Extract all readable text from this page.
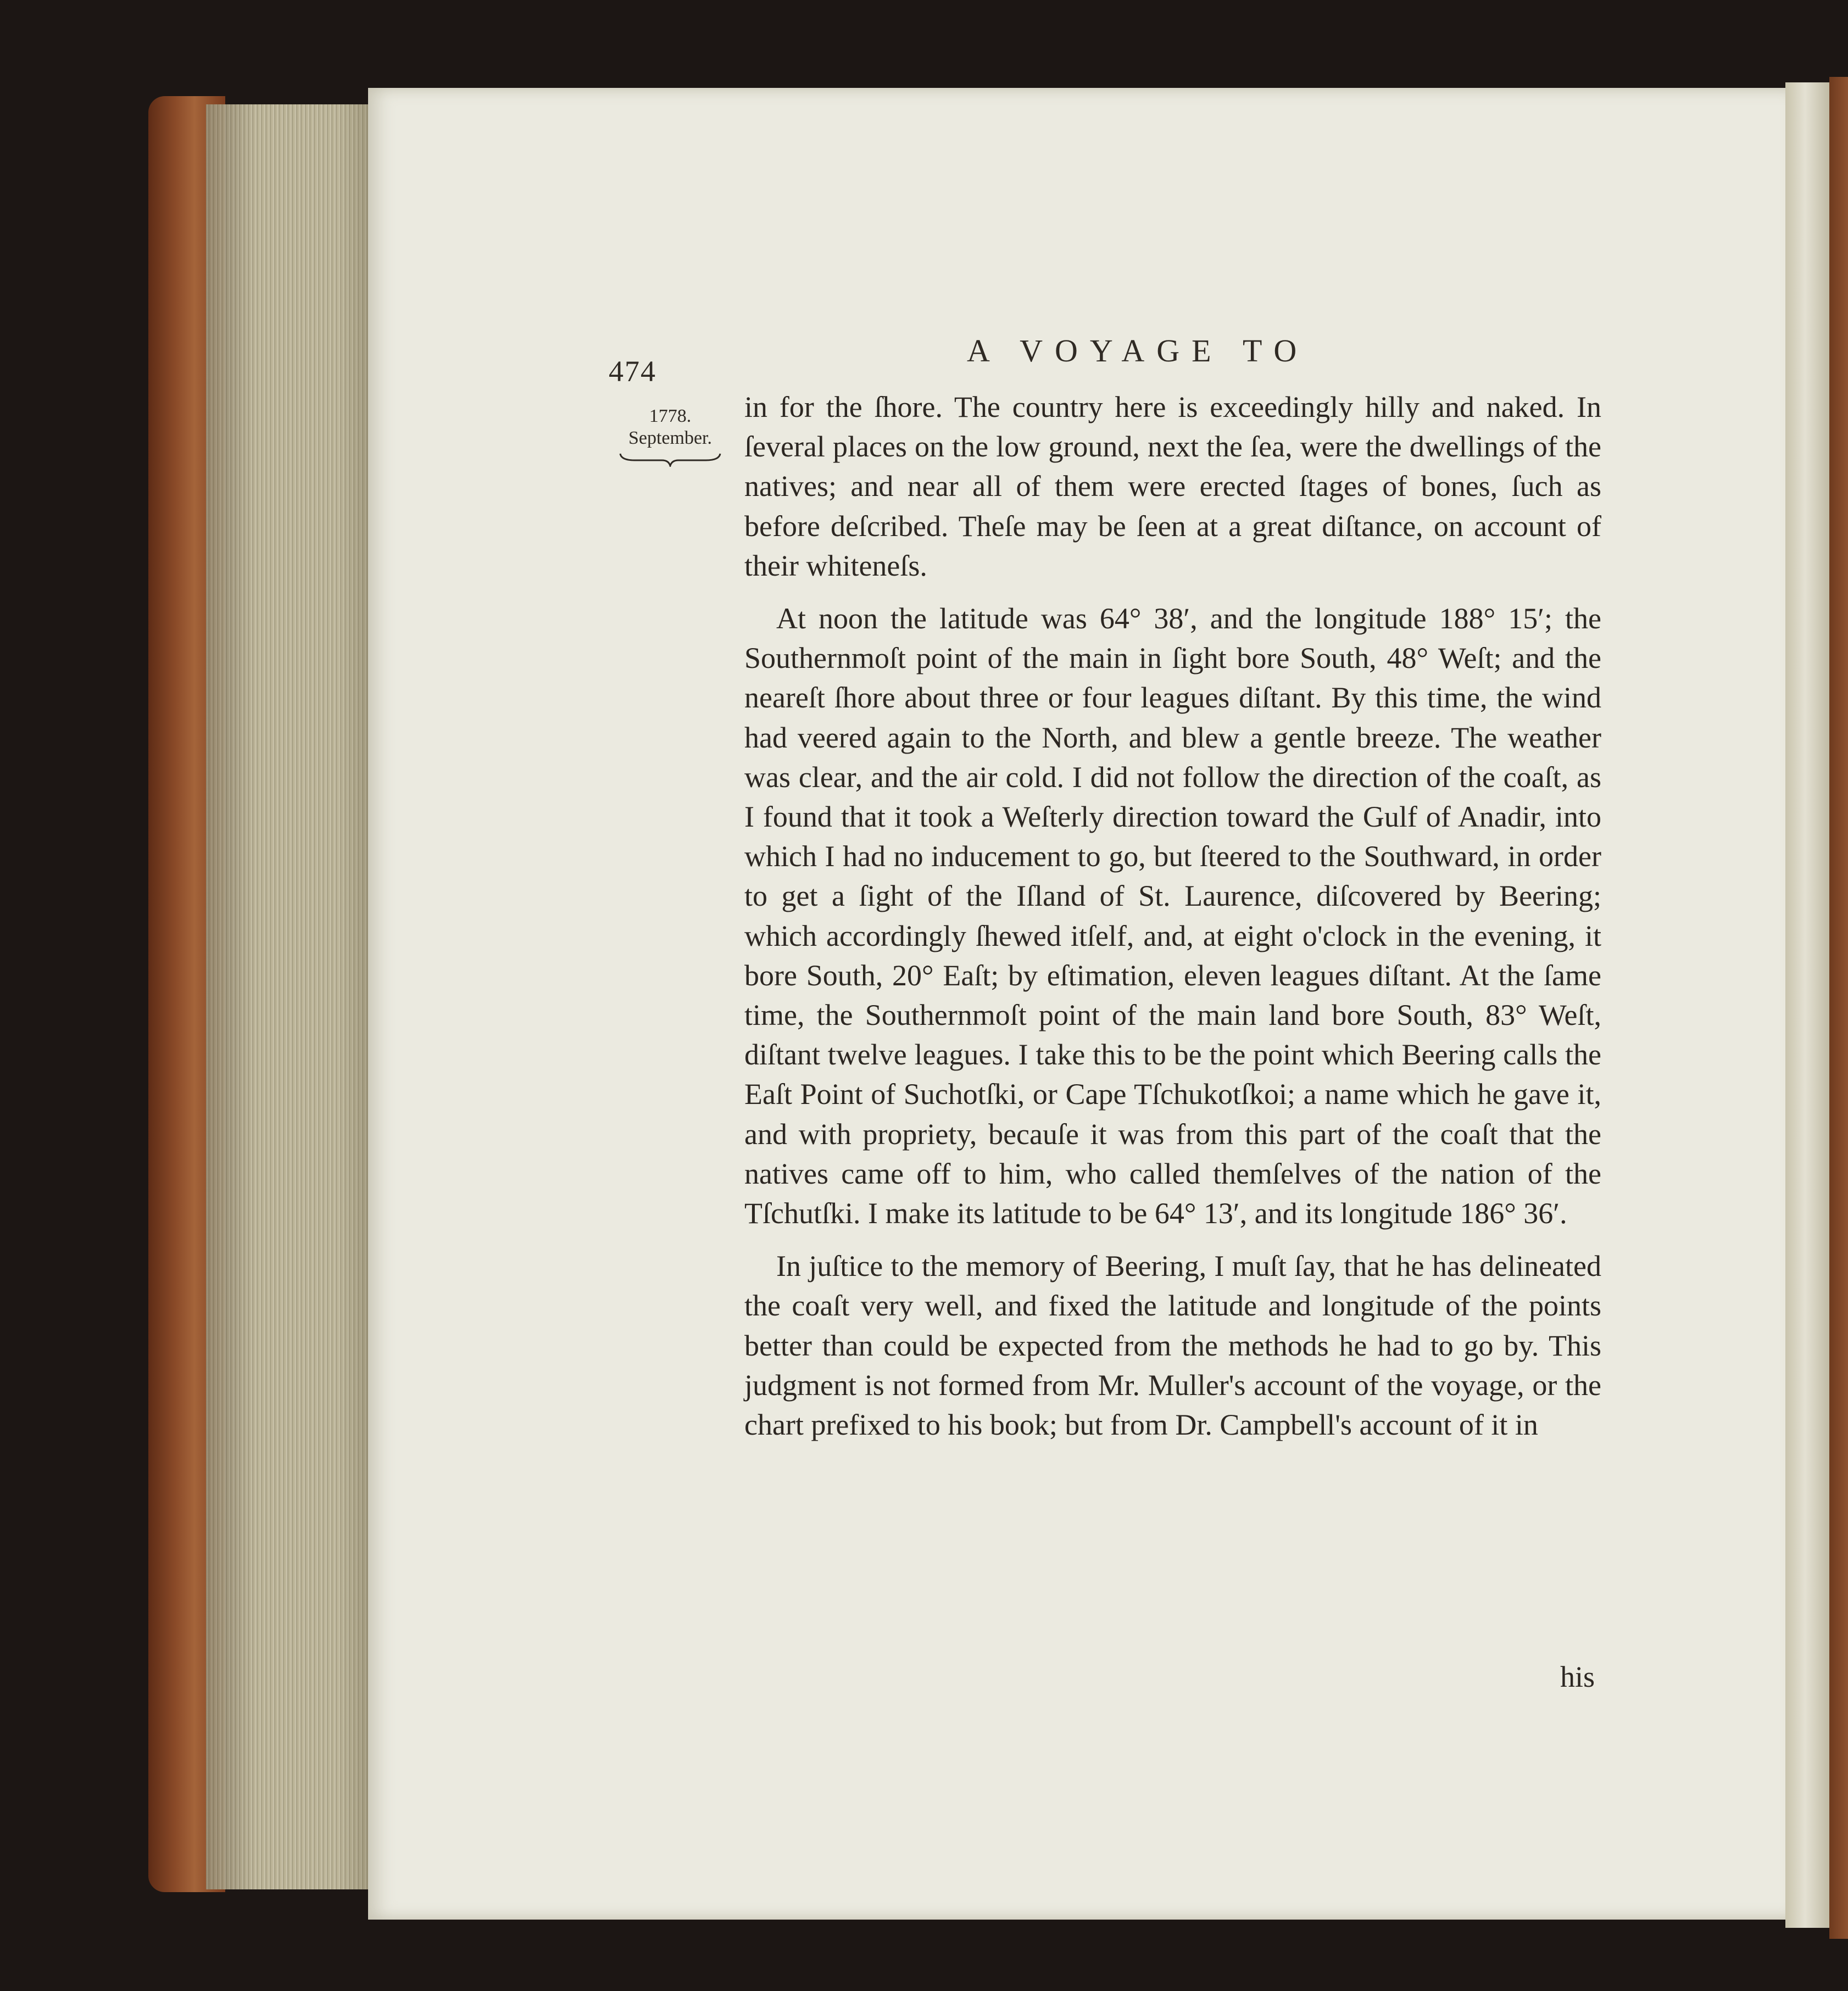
474
A VOYAGE TO
1778.
September.

in for the ſhore. The country here is exceedingly hilly and naked. In ſeveral places on the low ground, next the ſea, were the dwellings of the natives; and near all of them were erected ſtages of bones, ſuch as before deſcribed. Theſe may be ſeen at a great diſtance, on account of their whiteneſs.

At noon the latitude was 64° 38′, and the longitude 188° 15′; the Southernmoſt point of the main in ſight bore South, 48° Weſt; and the neareſt ſhore about three or four leagues diſtant. By this time, the wind had veered again to the North, and blew a gentle breeze. The weather was clear, and the air cold. I did not follow the direction of the coaſt, as I found that it took a Weſterly direction toward the Gulf of Anadir, into which I had no inducement to go, but ſteered to the Southward, in order to get a ſight of the Iſland of St. Laurence, diſcovered by Beering; which accordingly ſhewed itſelf, and, at eight o'clock in the evening, it bore South, 20° Eaſt; by eſtimation, eleven leagues diſtant. At the ſame time, the Southernmoſt point of the main land bore South, 83° Weſt, diſtant twelve leagues. I take this to be the point which Beering calls the Eaſt Point of Suchotſki, or Cape Tſchukotſkoi; a name which he gave it, and with propriety, becauſe it was from this part of the coaſt that the natives came off to him, who called themſelves of the nation of the Tſchutſki. I make its latitude to be 64° 13′, and its longitude 186° 36′.

In juſtice to the memory of Beering, I muſt ſay, that he has delineated the coaſt very well, and fixed the latitude and longitude of the points better than could be expected from the methods he had to go by. This judgment is not formed from Mr. Muller's account of the voyage, or the chart prefixed to his book; but from Dr. Campbell's account of it in

his
